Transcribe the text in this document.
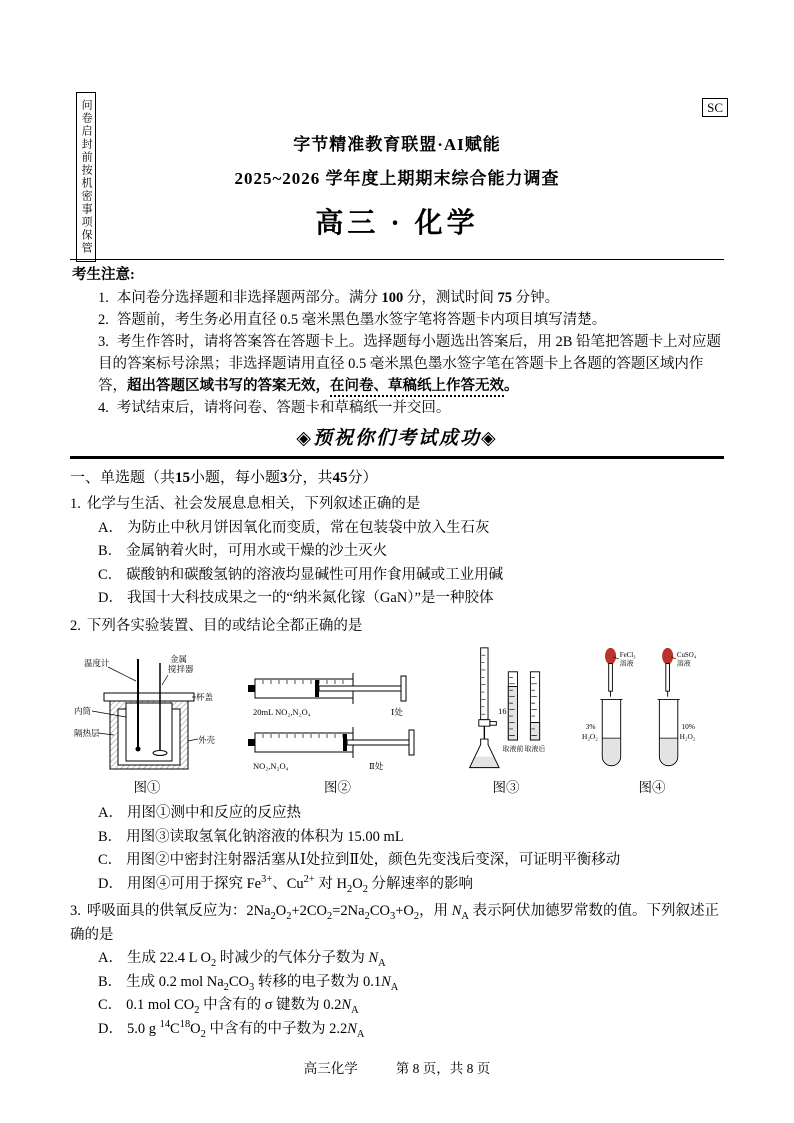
问卷启封前按机密事项保管	SC
字节精准教育联盟·AI赋能
2025~2026 学年度上期期末综合能力调查
高三 · 化学
考生注意:
1. 本问卷分选择题和非选择题两部分。满分 100 分，测试时间 75 分钟。
2. 答题前，考生务必用直径 0.5 毫米黑色墨水签字笔将答题卡内项目填写清楚。
3. 考生作答时，请将答案答在答题卡上。选择题每小题选出答案后，用 2B 铅笔把答题卡上对应题目的答案标号涂黑；非选择题请用直径 0.5 毫米黑色墨水签字笔在答题卡上各题的答题区域内作答，超出答题区域书写的答案无效，在问卷、草稿纸上作答无效。
4. 考试结束后，请将问卷、答题卡和草稿纸一并交回。
◈预祝你们考试成功◈
一、单选题（共15小题，每小题3分，共45分）
1. 化学与生活、社会发展息息相关，下列叙述正确的是
A． 为防止中秋月饼因氧化而变质，常在包装袋中放入生石灰
B． 金属钠着火时，可用水或干燥的沙土灭火
C． 碳酸钠和碳酸氢钠的溶液均显碱性可用作食用碱或工业用碱
D． 我国十大科技成果之一的“纳米氮化镓（GaN）”是一种胶体
2. 下列各实验装置、目的或结论全都正确的是
温度计	金属
搅拌器
内筒
杯盖
隔热层
外壳
图①
20mL NO₂,N₂O₄	Ⅰ处
NO₂,N₂O₄	Ⅱ处
图②
16
取液前 取液后
图③
FeCl₃
溶液
CuSO₄
溶液
3%
H₂O₂
10%
H₂O₂
图④
A． 用图①测中和反应的反应热
B． 用图③读取氢氧化钠溶液的体积为 15.00 mL
C． 用图②中密封注射器活塞从Ⅰ处拉到Ⅱ处，颜色先变浅后变深，可证明平衡移动
D． 用图④可用于探究 $Fe^{3+}$、$Cu^{2+}$ 对 $H_2O_2$ 分解速率的影响
3. 呼吸面具的供氧反应为：$2Na_2O_2+2CO_2=2Na_2CO_3+O_2$，用 $N_A$ 表示阿伏加德罗常数的值。下列叙述正确的是
A． 生成 22.4 L $O_2$ 时减少的气体分子数为 $N_A$
B． 生成 0.2 mol $Na_2CO_3$ 转移的电子数为 $0.1N_A$
C． 0.1 mol $CO_2$ 中含有的 σ 键数为 $0.2N_A$
D． 5.0 g $^{14}C^{18}O_2$ 中含有的中子数为 $2.2N_A$
高三化学	第 8 页，共 8 页
